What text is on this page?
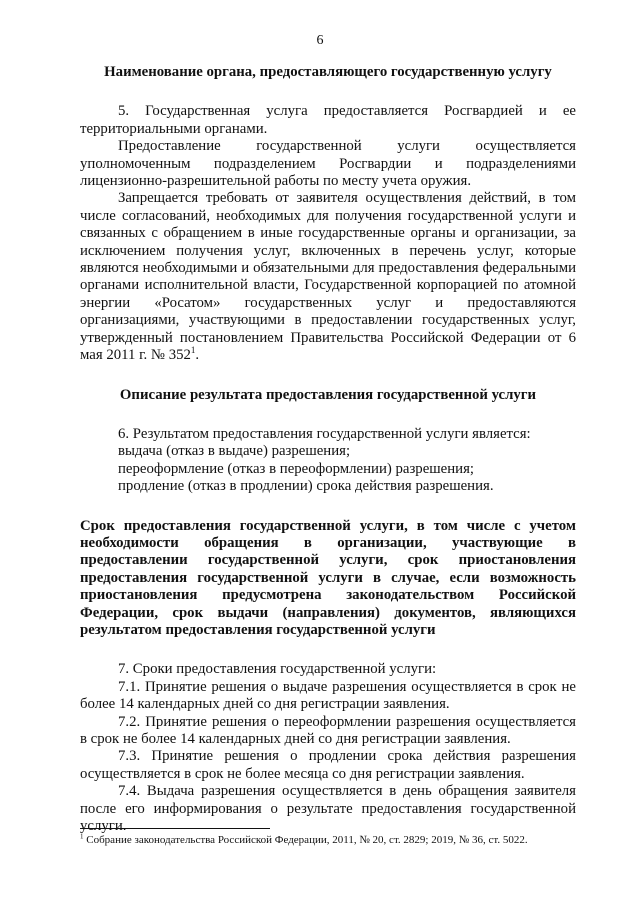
6
Наименование органа, предоставляющего государственную услугу

5. Государственная услуга предоставляется Росгвардией и ее территориальными органами.

Предоставление государственной услуги осуществляется уполномоченным подразделением Росгвардии и подразделениями лицензионно-разрешительной работы по месту учета оружия.

Запрещается требовать от заявителя осуществления действий, в том числе согласований, необходимых для получения государственной услуги и связанных с обращением в иные государственные органы и организации, за исключением получения услуг, включенных в перечень услуг, которые являются необходимыми и обязательными для предоставления федеральными органами исполнительной власти, Государственной корпорацией по атомной энергии «Росатом» государственных услуг и предоставляются организациями, участвующими в предоставлении государственных услуг, утвержденный постановлением Правительства Российской Федерации от 6 мая 2011 г. № $352^1$.

Описание результата предоставления государственной услуги

6. Результатом предоставления государственной услуги является:

выдача (отказ в выдаче) разрешения;

переоформление (отказ в переоформлении) разрешения;

продление (отказ в продлении) срока действия разрешения.

Срок предоставления государственной услуги, в том числе с учетом необходимости обращения в организации, участвующие в предоставлении государственной услуги, срок приостановления предоставления государственной услуги в случае, если возможность приостановления предусмотрена законодательством Российской Федерации, срок выдачи (направления) документов, являющихся результатом предоставления государственной услуги

7. Сроки предоставления государственной услуги:

7.1. Принятие решения о выдаче разрешения осуществляется в срок не более 14 календарных дней со дня регистрации заявления.

7.2. Принятие решения о переоформлении разрешения осуществляется в срок не более 14 календарных дней со дня регистрации заявления.

7.3. Принятие решения о продлении срока действия разрешения осуществляется в срок не более месяца со дня регистрации заявления.

7.4. Выдача разрешения осуществляется в день обращения заявителя после его информирования о результате предоставления государственной услуги.

$^1$ Собрание законодательства Российской Федерации, 2011, № 20, ст. 2829; 2019, № 36, ст. 5022.
